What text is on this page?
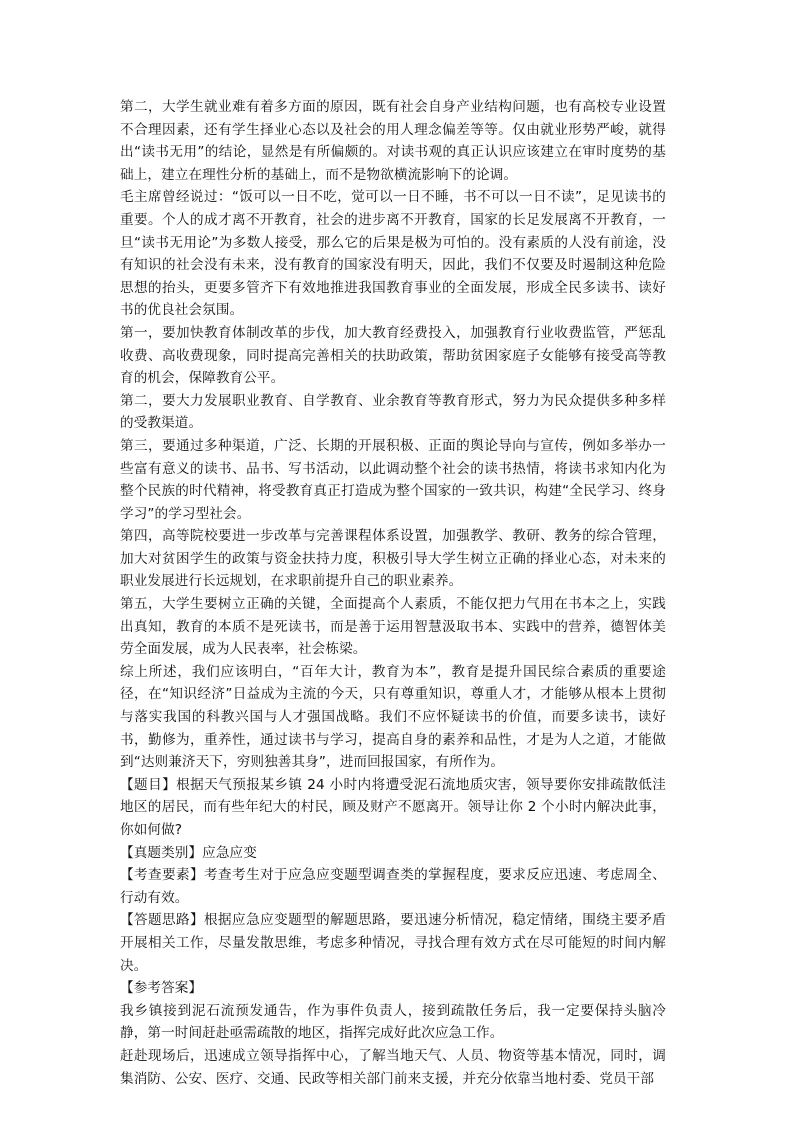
第二，大学生就业难有着多方面的原因，既有社会自身产业结构问题，也有高校专业设置不合理因素，还有学生择业心态以及社会的用人理念偏差等等。仅由就业形势严峻，就得出“读书无用”的结论，显然是有所偏颇的。对读书观的真正认识应该建立在审时度势的基础上，建立在理性分析的基础上，而不是物欲横流影响下的论调。

毛主席曾经说过：“饭可以一日不吃，觉可以一日不睡，书不可以一日不读”，足见读书的重要。个人的成才离不开教育，社会的进步离不开教育，国家的长足发展离不开教育，一旦“读书无用论”为多数人接受，那么它的后果是极为可怕的。没有素质的人没有前途，没有知识的社会没有未来，没有教育的国家没有明天，因此，我们不仅要及时遏制这种危险思想的抬头，更要多管齐下有效地推进我国教育事业的全面发展，形成全民多读书、读好书的优良社会氛围。

第一，要加快教育体制改革的步伐，加大教育经费投入，加强教育行业收费监管，严惩乱收费、高收费现象，同时提高完善相关的扶助政策，帮助贫困家庭子女能够有接受高等教育的机会，保障教育公平。

第二，要大力发展职业教育、自学教育、业余教育等教育形式，努力为民众提供多种多样的受教渠道。

第三，要通过多种渠道，广泛、长期的开展积极、正面的舆论导向与宣传，例如多举办一些富有意义的读书、品书、写书活动，以此调动整个社会的读书热情，将读书求知内化为整个民族的时代精神，将受教育真正打造成为整个国家的一致共识，构建“全民学习、终身学习”的学习型社会。

第四，高等院校要进一步改革与完善课程体系设置，加强教学、教研、教务的综合管理，加大对贫困学生的政策与资金扶持力度，积极引导大学生树立正确的择业心态，对未来的职业发展进行长远规划，在求职前提升自己的职业素养。

第五，大学生要树立正确的关键，全面提高个人素质，不能仅把力气用在书本之上，实践出真知，教育的本质不是死读书，而是善于运用智慧汲取书本、实践中的营养，德智体美劳全面发展，成为人民表率，社会栋梁。

综上所述，我们应该明白，“百年大计，教育为本”，教育是提升国民综合素质的重要途径，在“知识经济”日益成为主流的今天，只有尊重知识，尊重人才，才能够从根本上贯彻与落实我国的科教兴国与人才强国战略。我们不应怀疑读书的价值，而要多读书，读好书，勤修为，重养性，通过读书与学习，提高自身的素养和品性，才是为人之道，才能做到“达则兼济天下，穷则独善其身”，进而回报国家，有所作为。

【题目】根据天气预报某乡镇 24 小时内将遭受泥石流地质灾害，领导要你安排疏散低洼地区的居民，而有些年纪大的村民，顾及财产不愿离开。领导让你 2 个小时内解决此事，你如何做?

【真题类别】应急应变

【考查要素】考查考生对于应急应变题型调查类的掌握程度，要求反应迅速、考虑周全、行动有效。

【答题思路】根据应急应变题型的解题思路，要迅速分析情况，稳定情绪，围绕主要矛盾开展相关工作，尽量发散思维，考虑多种情况，寻找合理有效方式在尽可能短的时间内解决。

【参考答案】

我乡镇接到泥石流预发通告，作为事件负责人，接到疏散任务后，我一定要保持头脑冷静，第一时间赶赴亟需疏散的地区，指挥完成好此次应急工作。

赶赴现场后，迅速成立领导指挥中心，了解当地天气、人员、物资等基本情况，同时，调集消防、公安、医疗、交通、民政等相关部门前来支援，并充分依靠当地村委、党员干部
